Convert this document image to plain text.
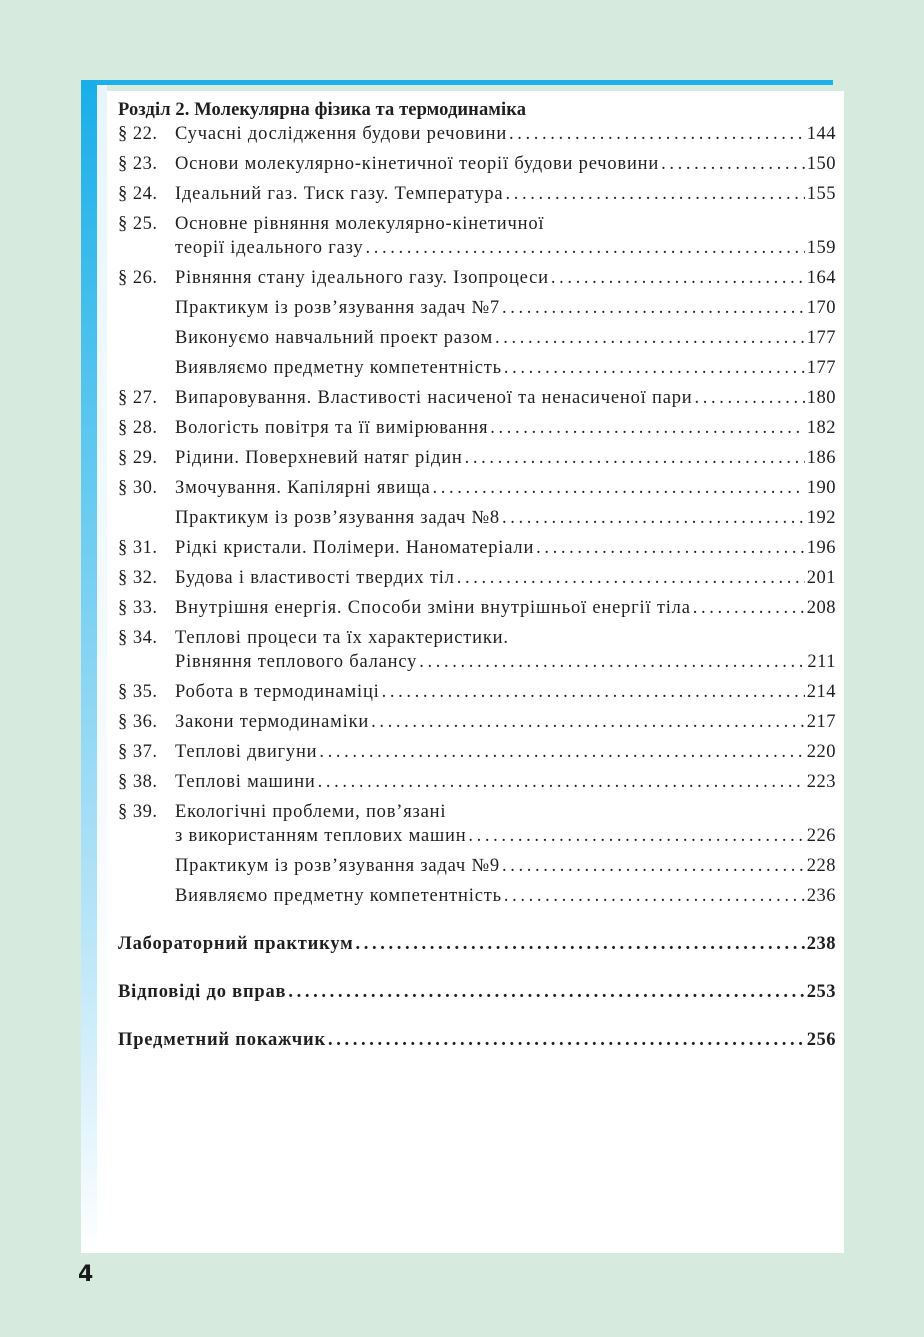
Розділ 2. Молекулярна фізика та термодинаміка
§ 22. Сучасні дослідження будови речовини . . .	144
§ 23. Основи молекулярно-кінетичної теорії будови речовини . . .	150
§ 24. Ідеальний газ. Тиск газу. Температура . . .	155
§ 25. Основне рівняння молекулярно-кінетичної
теорії ідеального газу . . .	159
§ 26. Рівняння стану ідеального газу. Ізопроцеси . . .	164
Практикум із розв’язування задач №7 . . .	170
Виконуємо навчальний проект разом . . .	177
Виявляємо предметну компетентність . . .	177
§ 27. Випаровування. Властивості насиченої та ненасиченої пари . . .	180
§ 28. Вологість повітря та її вимірювання . . .	182
§ 29. Рідини. Поверхневий натяг рідин . . .	186
§ 30. Змочування. Капілярні явища . . .	190
Практикум із розв’язування задач №8 . . .	192
§ 31. Рідкі кристали. Полімери. Наноматеріали . . .	196
§ 32. Будова і властивості твердих тіл . . .	201
§ 33. Внутрішня енергія. Способи зміни внутрішньої енергії тіла . . .	208
§ 34. Теплові процеси та їх характеристики.
Рівняння теплового балансу . . .	211
§ 35. Робота в термодинаміці . . .	214
§ 36. Закони термодинаміки . . .	217
§ 37. Теплові двигуни . . .	220
§ 38. Теплові машини . . .	223
§ 39. Екологічні проблеми, пов’язані
з використанням теплових машин . . .	226
Практикум із розв’язування задач №9 . . .	228
Виявляємо предметну компетентність . . .	236
Лабораторний практикум . . .	238
Відповіді до вправ . . .	253
Предметний покажчик . . .	256
4
